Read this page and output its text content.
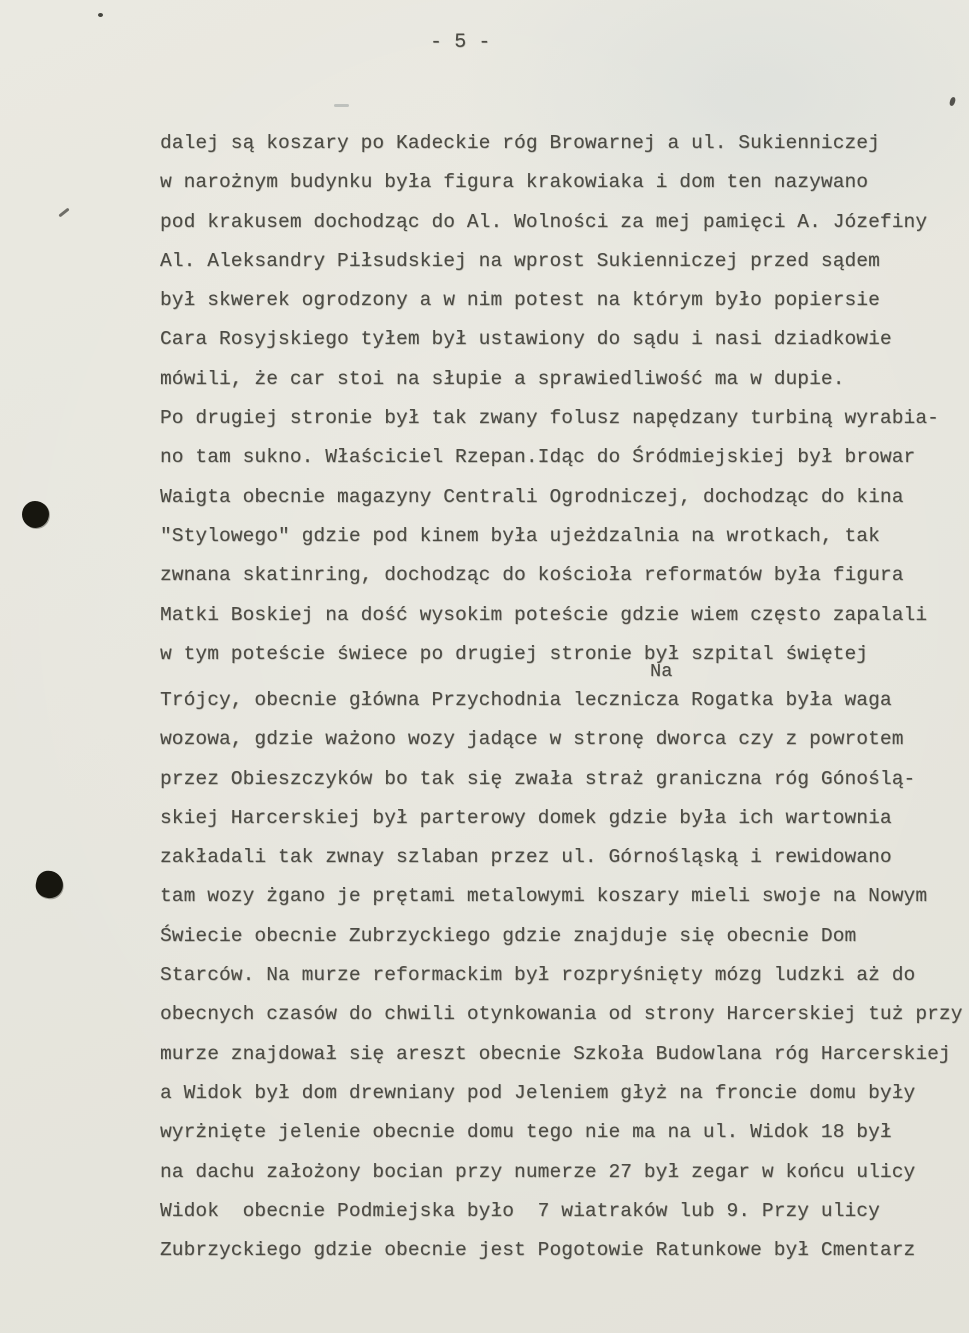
- 5 -
dalej są koszary po Kadeckie róg Browarnej a ul. Sukienniczej
w narożnym budynku była figura krakowiaka i dom ten nazywano
pod krakusem dochodząc do Al. Wolności za mej pamięci A. Józefiny
Al. Aleksandry Piłsudskiej na wprost Sukienniczej przed sądem
był skwerek ogrodzony a w nim potest na którym było popiersie
Cara Rosyjskiego tyłem był ustawiony do sądu i nasi dziadkowie
mówili, że car stoi na słupie a sprawiedliwość ma w dupie.
Po drugiej stronie był tak zwany folusz napędzany turbiną wyrabia-
no tam sukno. Właściciel Rzepan.Idąc do Śródmiejskiej był browar
Waigta obecnie magazyny Centrali Ogrodniczej, dochodząc do kina
"Stylowego" gdzie pod kinem była ujeżdzalnia na wrotkach, tak
zwnana skatinring, dochodząc do kościoła reformatów była figura
Matki Boskiej na dość wysokim poteście gdzie wiem często zapalali
w tym poteście świece po drugiej stronie był szpital świętej
Na
Trójcy, obecnie główna Przychodnia lecznicza Rogatka była waga
wozowa, gdzie ważono wozy jadące w stronę dworca czy z powrotem
przez Obieszczyków bo tak się zwała straż graniczna róg Gónoślą-
skiej Harcerskiej był parterowy domek gdzie była ich wartownia
zakładali tak zwnay szlaban przez ul. Górnośląską i rewidowano
tam wozy żgano je prętami metalowymi koszary mieli swoje na Nowym
Świecie obecnie Zubrzyckiego gdzie znajduje się obecnie Dom
Starców. Na murze reformackim był rozpryśnięty mózg ludzki aż do
obecnych czasów do chwili otynkowania od strony Harcerskiej tuż przy
murze znajdował się areszt obecnie Szkoła Budowlana róg Harcerskiej
a Widok był dom drewniany pod Jeleniem głyż na froncie domu były
wyrżnięte jelenie obecnie domu tego nie ma na ul. Widok 18 był
na dachu założony bocian przy numerze 27 był zegar w końcu ulicy
Widok  obecnie Podmiejska było  7 wiatraków lub 9. Przy ulicy
Zubrzyckiego gdzie obecnie jest Pogotowie Ratunkowe był Cmentarz
